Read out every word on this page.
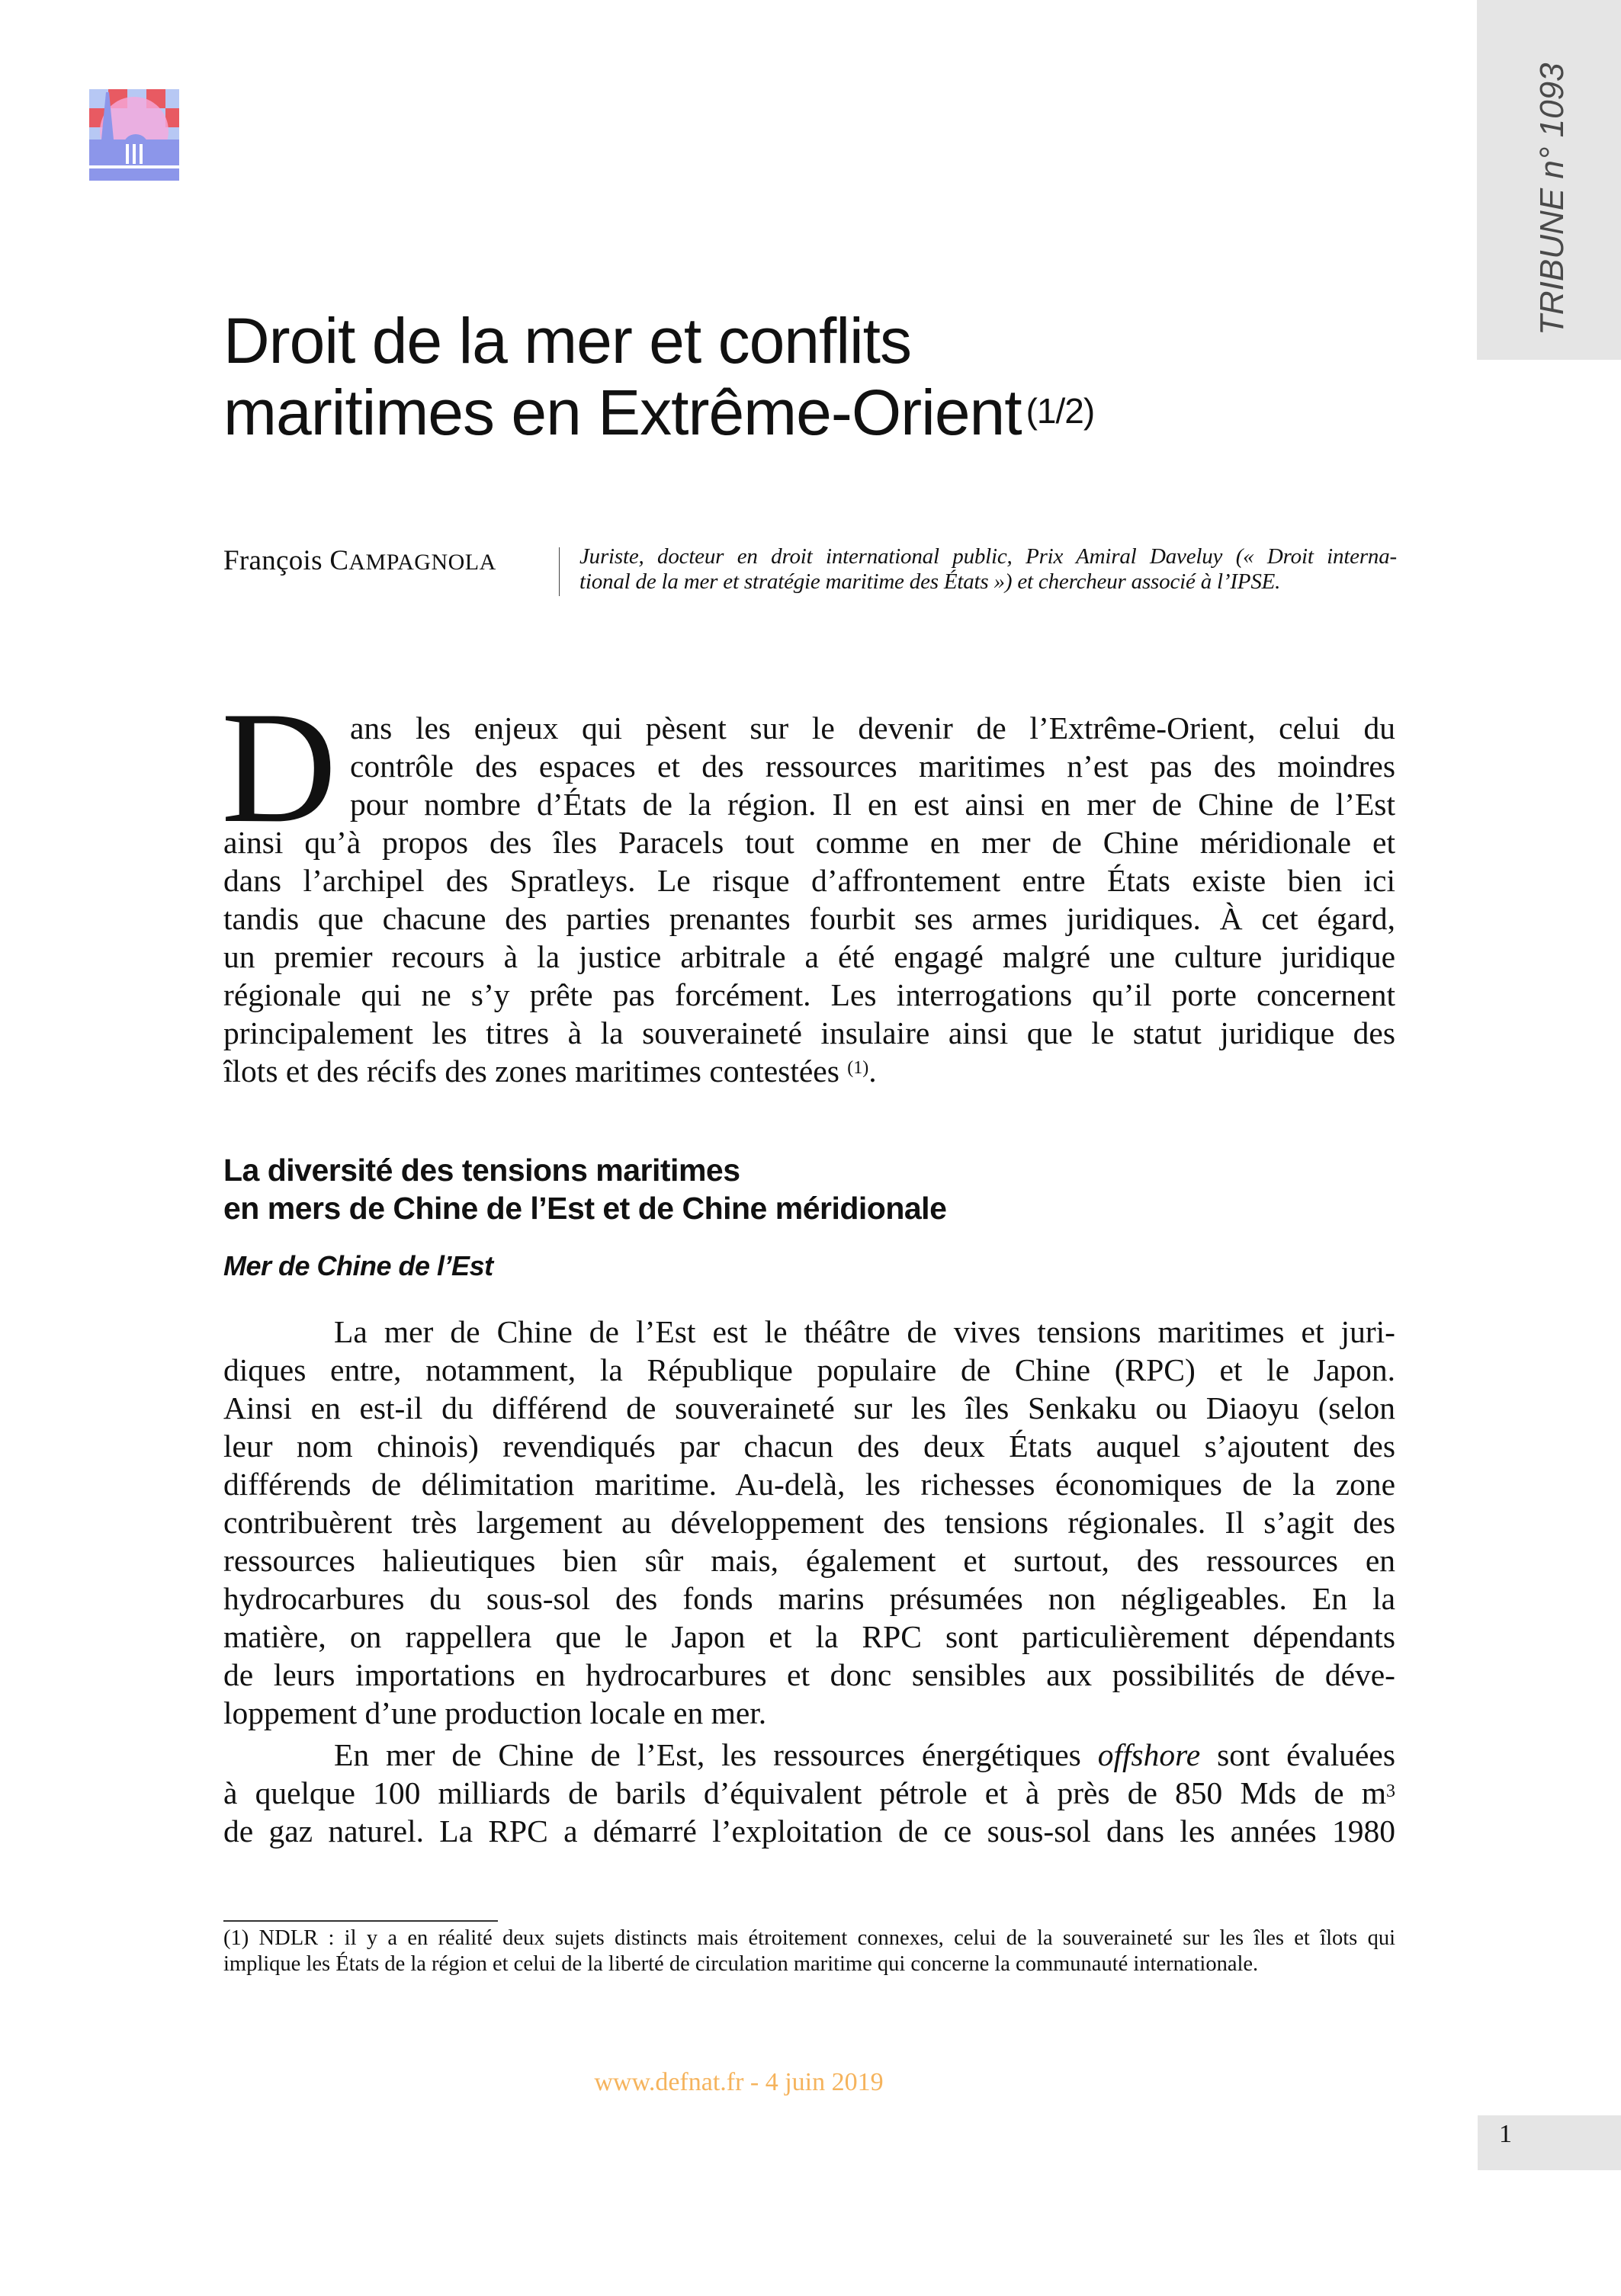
TRIBUNE n° 1093
Droit de la mer et conflits
maritimes en Extrême-Orient $^{(1/2)}$
François CAMPAGNOLA	Juriste, docteur en droit international public, Prix Amiral Daveluy (« Droit interna-
tional de la mer et stratégie maritime des États ») et chercheur associé à l’IPSE.
D ans les enjeux qui pèsent sur le devenir de l’Extrême-Orient, celui du
contrôle des espaces et des ressources maritimes n’est pas des moindres
pour nombre d’États de la région. Il en est ainsi en mer de Chine de l’Est
ainsi qu’à propos des îles Paracels tout comme en mer de Chine méridionale et
dans l’archipel des Spratleys. Le risque d’affrontement entre États existe bien ici
tandis que chacune des parties prenantes fourbit ses armes juridiques. À cet égard,
un premier recours à la justice arbitrale a été engagé malgré une culture juridique
régionale qui ne s’y prête pas forcément. Les interrogations qu’il porte concernent
principalement les titres à la souveraineté insulaire ainsi que le statut juridique des
îlots et des récifs des zones maritimes contestées $^{(1)}$.
La diversité des tensions maritimes
en mers de Chine de l’Est et de Chine méridionale
Mer de Chine de l’Est
La mer de Chine de l’Est est le théâtre de vives tensions maritimes et juri-
diques entre, notamment, la République populaire de Chine (RPC) et le Japon.
Ainsi en est-il du différend de souveraineté sur les îles Senkaku ou Diaoyu (selon
leur nom chinois) revendiqués par chacun des deux États auquel s’ajoutent des
différends de délimitation maritime. Au-delà, les richesses économiques de la zone
contribuèrent très largement au développement des tensions régionales. Il s’agit des
ressources halieutiques bien sûr mais, également et surtout, des ressources en
hydrocarbures du sous-sol des fonds marins présumées non négligeables. En la
matière, on rappellera que le Japon et la RPC sont particulièrement dépendants
de leurs importations en hydrocarbures et donc sensibles aux possibilités de déve-
loppement d’une production locale en mer.
En mer de Chine de l’Est, les ressources énergétiques offshore sont évaluées
à quelque 100 milliards de barils d’équivalent pétrole et à près de 850 Mds de $m^3$
de gaz naturel. La RPC a démarré l’exploitation de ce sous-sol dans les années 1980
(1) NDLR : il y a en réalité deux sujets distincts mais étroitement connexes, celui de la souveraineté sur les îles et îlots qui
implique les États de la région et celui de la liberté de circulation maritime qui concerne la communauté internationale.
www.defnat.fr - 4 juin 2019
1
